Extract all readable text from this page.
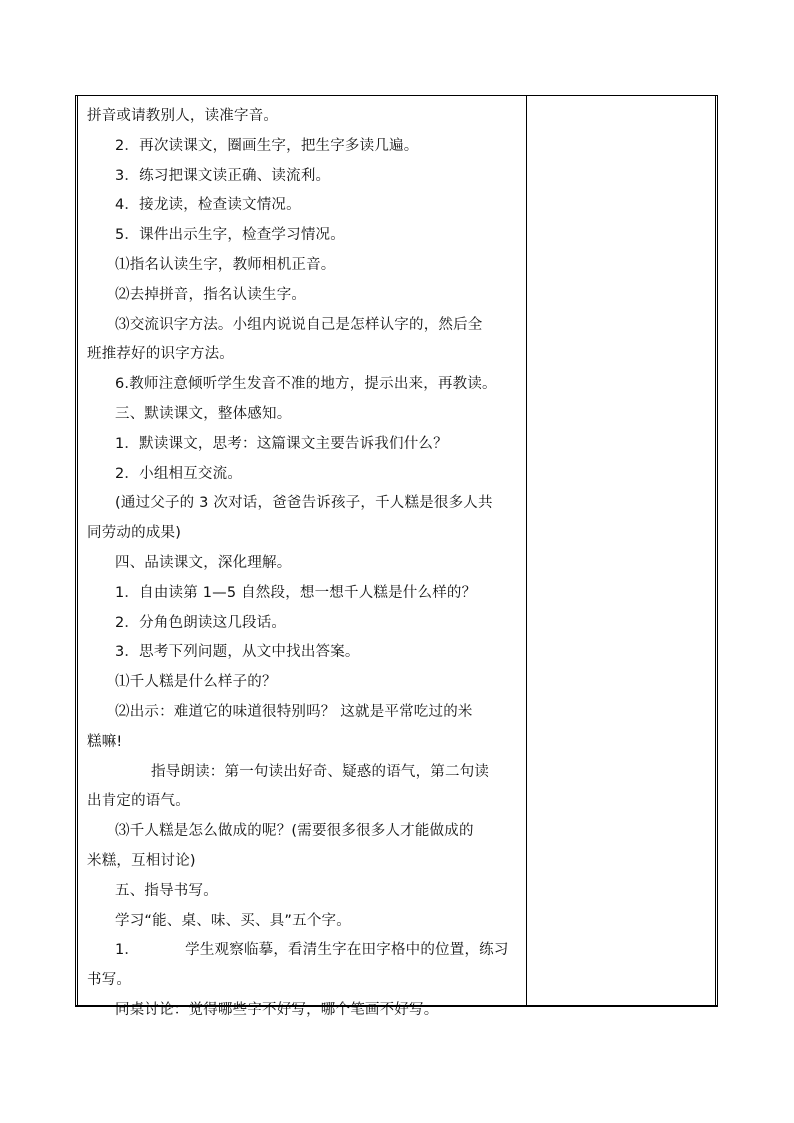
拼音或请教别人，读准字音。
2．再次读课文，圈画生字，把生字多读几遍。
3．练习把课文读正确、读流利。
4．接龙读，检查读文情况。
5．课件出示生字，检查学习情况。
⑴指名认读生字，教师相机正音。
⑵去掉拼音，指名认读生字。
⑶交流识字方法。小组内说说自己是怎样认字的，然后全
班推荐好的识字方法。
6.教师注意倾听学生发音不准的地方，提示出来，再教读。
三、默读课文，整体感知。
1．默读课文，思考：这篇课文主要告诉我们什么？
2．小组相互交流。
(通过父子的 3 次对话，爸爸告诉孩子，千人糕是很多人共
同劳动的成果)
四、品读课文，深化理解。
1．自由读第 1—5 自然段，想一想千人糕是什么样的？
2．分角色朗读这几段话。
3．思考下列问题，从文中找出答案。
⑴千人糕是什么样子的？
⑵出示：难道它的味道很特别吗？ 这就是平常吃过的米
糕嘛!
指导朗读：第一句读出好奇、疑惑的语气，第二句读
出肯定的语气。
⑶千人糕是怎么做成的呢？(需要很多很多人才能做成的
米糕，互相讨论)
五、指导书写。
学习“能、桌、味、买、具”五个字。
1．	学生观察临摹，看清生字在田字格中的位置，练习
书写。
同桌讨论：觉得哪些字不好写，哪个笔画不好写。
